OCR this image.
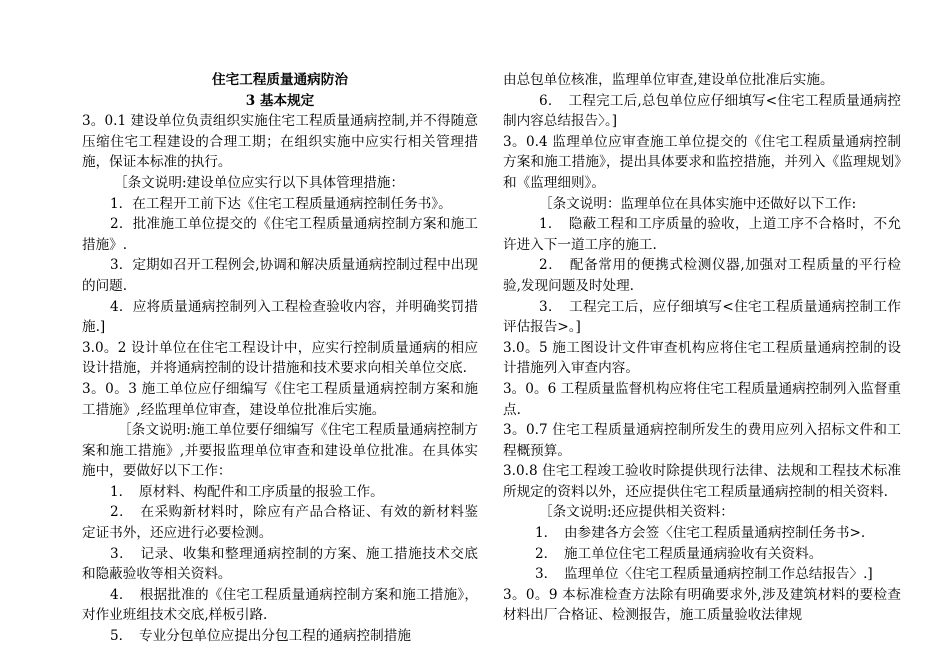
住宅工程质量通病防治

3 基本规定

3。0.1 建设单位负责组织实施住宅工程质量通病控制,并不得随意压缩住宅工程建设的合理工期；在组织实施中应实行相关管理措施，保证本标准的执行。

［条文说明:建设单位应实行以下具体管理措施：

1．在工程开工前下达《住宅工程质量通病控制任务书》。

2．批准施工单位提交的《住宅工程质量通病控制方案和施工措施》.

3．定期如召开工程例会,协调和解决质量通病控制过程中出现的问题.

4．应将质量通病控制列入工程检查验收内容，并明确奖罚措施.]

3.0。2 设计单位在住宅工程设计中，应实行控制质量通病的相应设计措施，并将通病控制的设计措施和技术要求向相关单位交底.

3。0。3 施工单位应仔细编写《住宅工程质量通病控制方案和施工措施》,经监理单位审查，建设单位批准后实施。

［条文说明:施工单位要仔细编写《住宅工程质量通病控制方案和施工措施》,并要报监理单位审查和建设单位批准。在具体实施中，要做好以下工作：

1．　原材料、构配件和工序质量的报验工作。

2．　在采购新材料时，除应有产品合格证、有效的新材料鉴定证书外，还应进行必要检测。

3．　记录、收集和整理通病控制的方案、施工措施技术交底和隐蔽验收等相关资料。

4．　根据批准的《住宅工程质量通病控制方案和施工措施》，对作业班组技术交底,样板引路.

5．　专业分包单位应提出分包工程的通病控制措施

由总包单位核准，监理单位审查,建设单位批准后实施。

6．　工程完工后,总包单位应仔细填写<住宅工程质量通病控制内容总结报告〉。]

3。0.4 监理单位应审查施工单位提交的《住宅工程质量通病控制方案和施工措施》，提出具体要求和监控措施，并列入《监理规划》和《监理细则》。

［条文说明：监理单位在具体实施中还做好以下工作:

1．　隐蔽工程和工序质量的验收，上道工序不合格时，不允许进入下一道工序的施工.

2．　配备常用的便携式检测仪器,加强对工程质量的平行检验,发现问题及时处理.

3．　工程完工后，应仔细填写<住宅工程质量通病控制工作评估报告>。]

3.0。5 施工图设计文件审查机构应将住宅工程质量通病控制的设计措施列入审查内容。

3。0。6 工程质量监督机构应将住宅工程质量通病控制列入监督重点.

3。0.7 住宅工程质量通病控制所发生的费用应列入招标文件和工程概预算。

3.0.8 住宅工程竣工验收时除提供现行法律、法规和工程技术标准所规定的资料以外，还应提供住宅工程质量通病控制的相关资料.

［条文说明:还应提供相关资料：

1．　由参建各方会签〈住宅工程质量通病控制任务书>.

2．　施工单位住宅工程质量通病验收有关资料。

3．　监理单位〈住宅工程质量通病控制工作总结报告〉.]

3。0。9 本标准检查方法除有明确要求外,涉及建筑材料的要检查材料出厂合格证、检测报告，施工质量验收法律规
